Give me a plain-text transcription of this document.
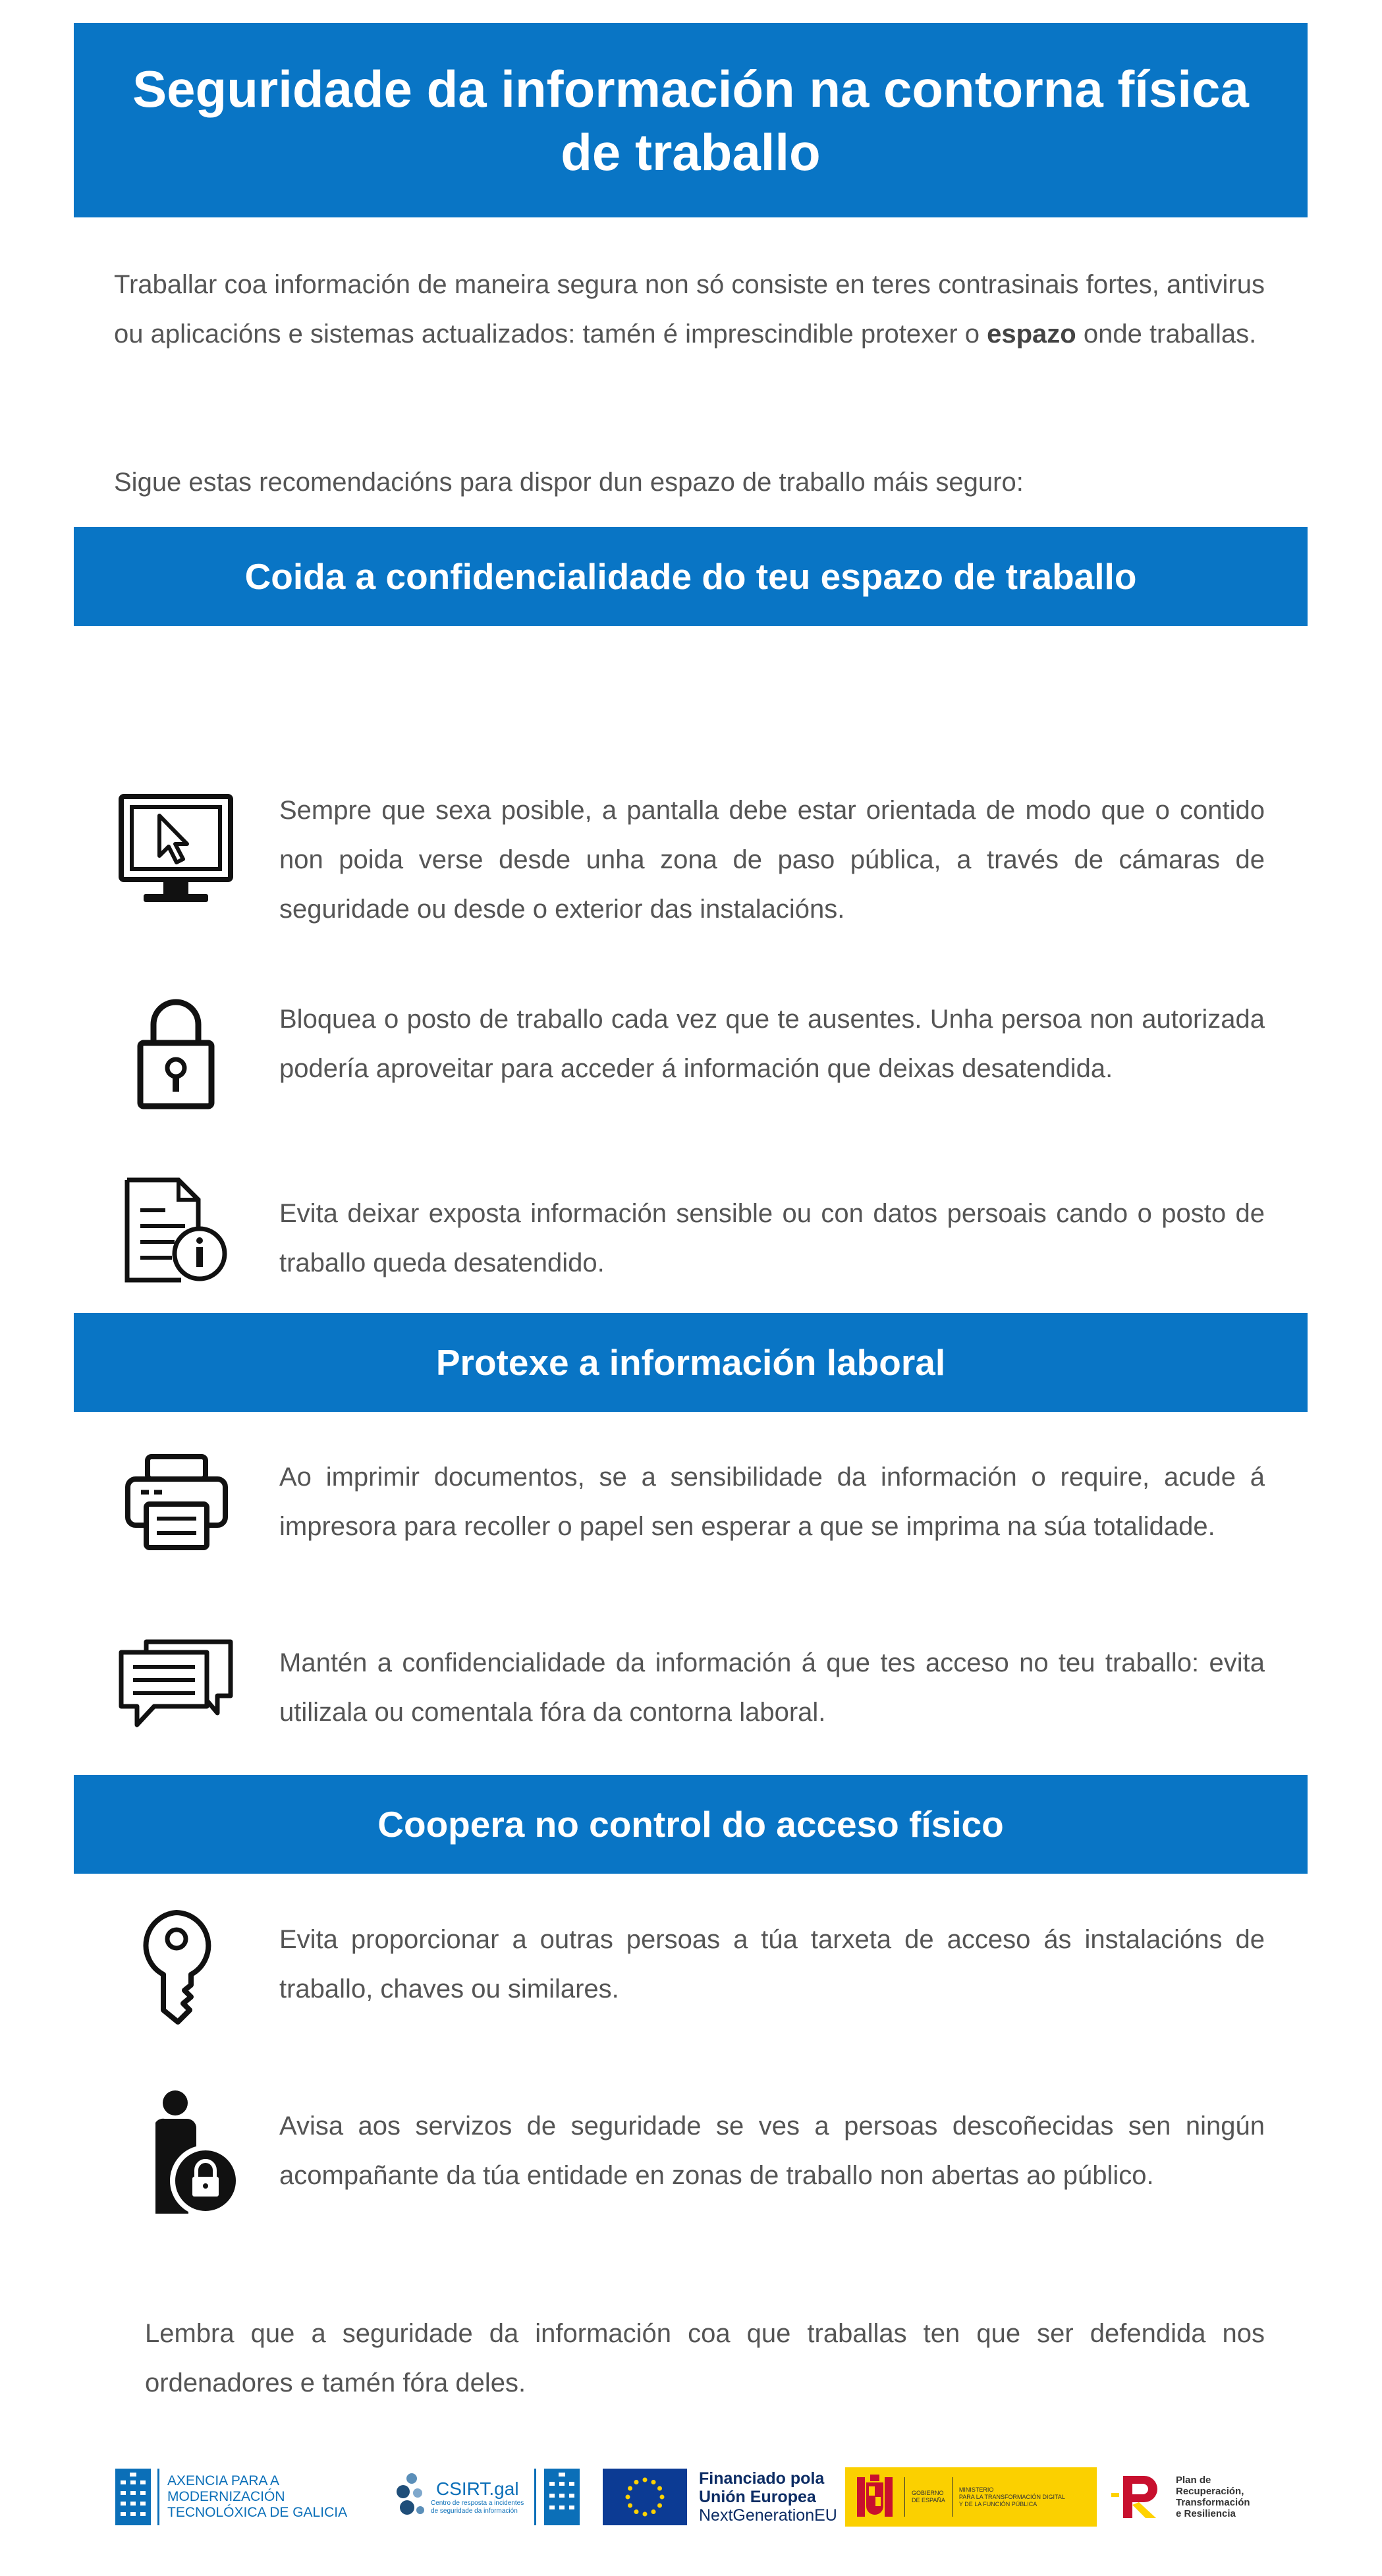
Seguridade da información na contorna física de traballo
Traballar coa información de maneira segura non só consiste en teres contrasinais fortes, antivirus ou aplicacións e sistemas actualizados: tamén é imprescindible protexer o espazo onde traballas.
Sigue estas recomendacións para dispor dun espazo de traballo máis seguro:
Coida a confidencialidade do teu espazo de traballo
Sempre que sexa posible, a pantalla debe estar orientada de modo que o contido non poida verse desde unha zona de paso pública, a través de cámaras de seguridade ou desde o exterior das instalacións.
Bloquea o posto de traballo cada vez que te ausentes. Unha persoa non autorizada podería aproveitar para acceder á información que deixas desatendida.
Evita deixar exposta información sensible ou con datos persoais cando o posto de traballo queda desatendido.
Protexe a información laboral
Ao imprimir documentos, se a sensibilidade da información o require, acude á impresora para recoller o papel sen esperar a que se imprima na súa totalidade.
Mantén a confidencialidade da información á que tes acceso no teu traballo: evita utilizala ou comentala fóra da contorna laboral.
Coopera no control do acceso físico
Evita proporcionar a outras persoas a túa tarxeta de acceso ás instalacións de traballo, chaves ou similares.
Avisa aos servizos de seguridade se ves a persoas descoñecidas sen ningún acompañante da túa entidade en zonas de traballo non abertas ao público.
Lembra que a seguridade da información coa que traballas ten que ser defendida nos ordenadores e tamén fóra deles.
AXENCIA PARA A
MODERNIZACIÓN
TECNOLÓXICA DE GALICIA
CSIRT.gal
Centro de resposta a incidentes
de seguridade da información
Financiado pola
Unión Europea
NextGenerationEU
GOBIERNO
DE ESPAÑA
MINISTERIO
PARA LA TRANSFORMACIÓN DIGITAL
Y DE LA FUNCIÓN PÚBLICA
Plan de
Recuperación,
Transformación
e Resiliencia
